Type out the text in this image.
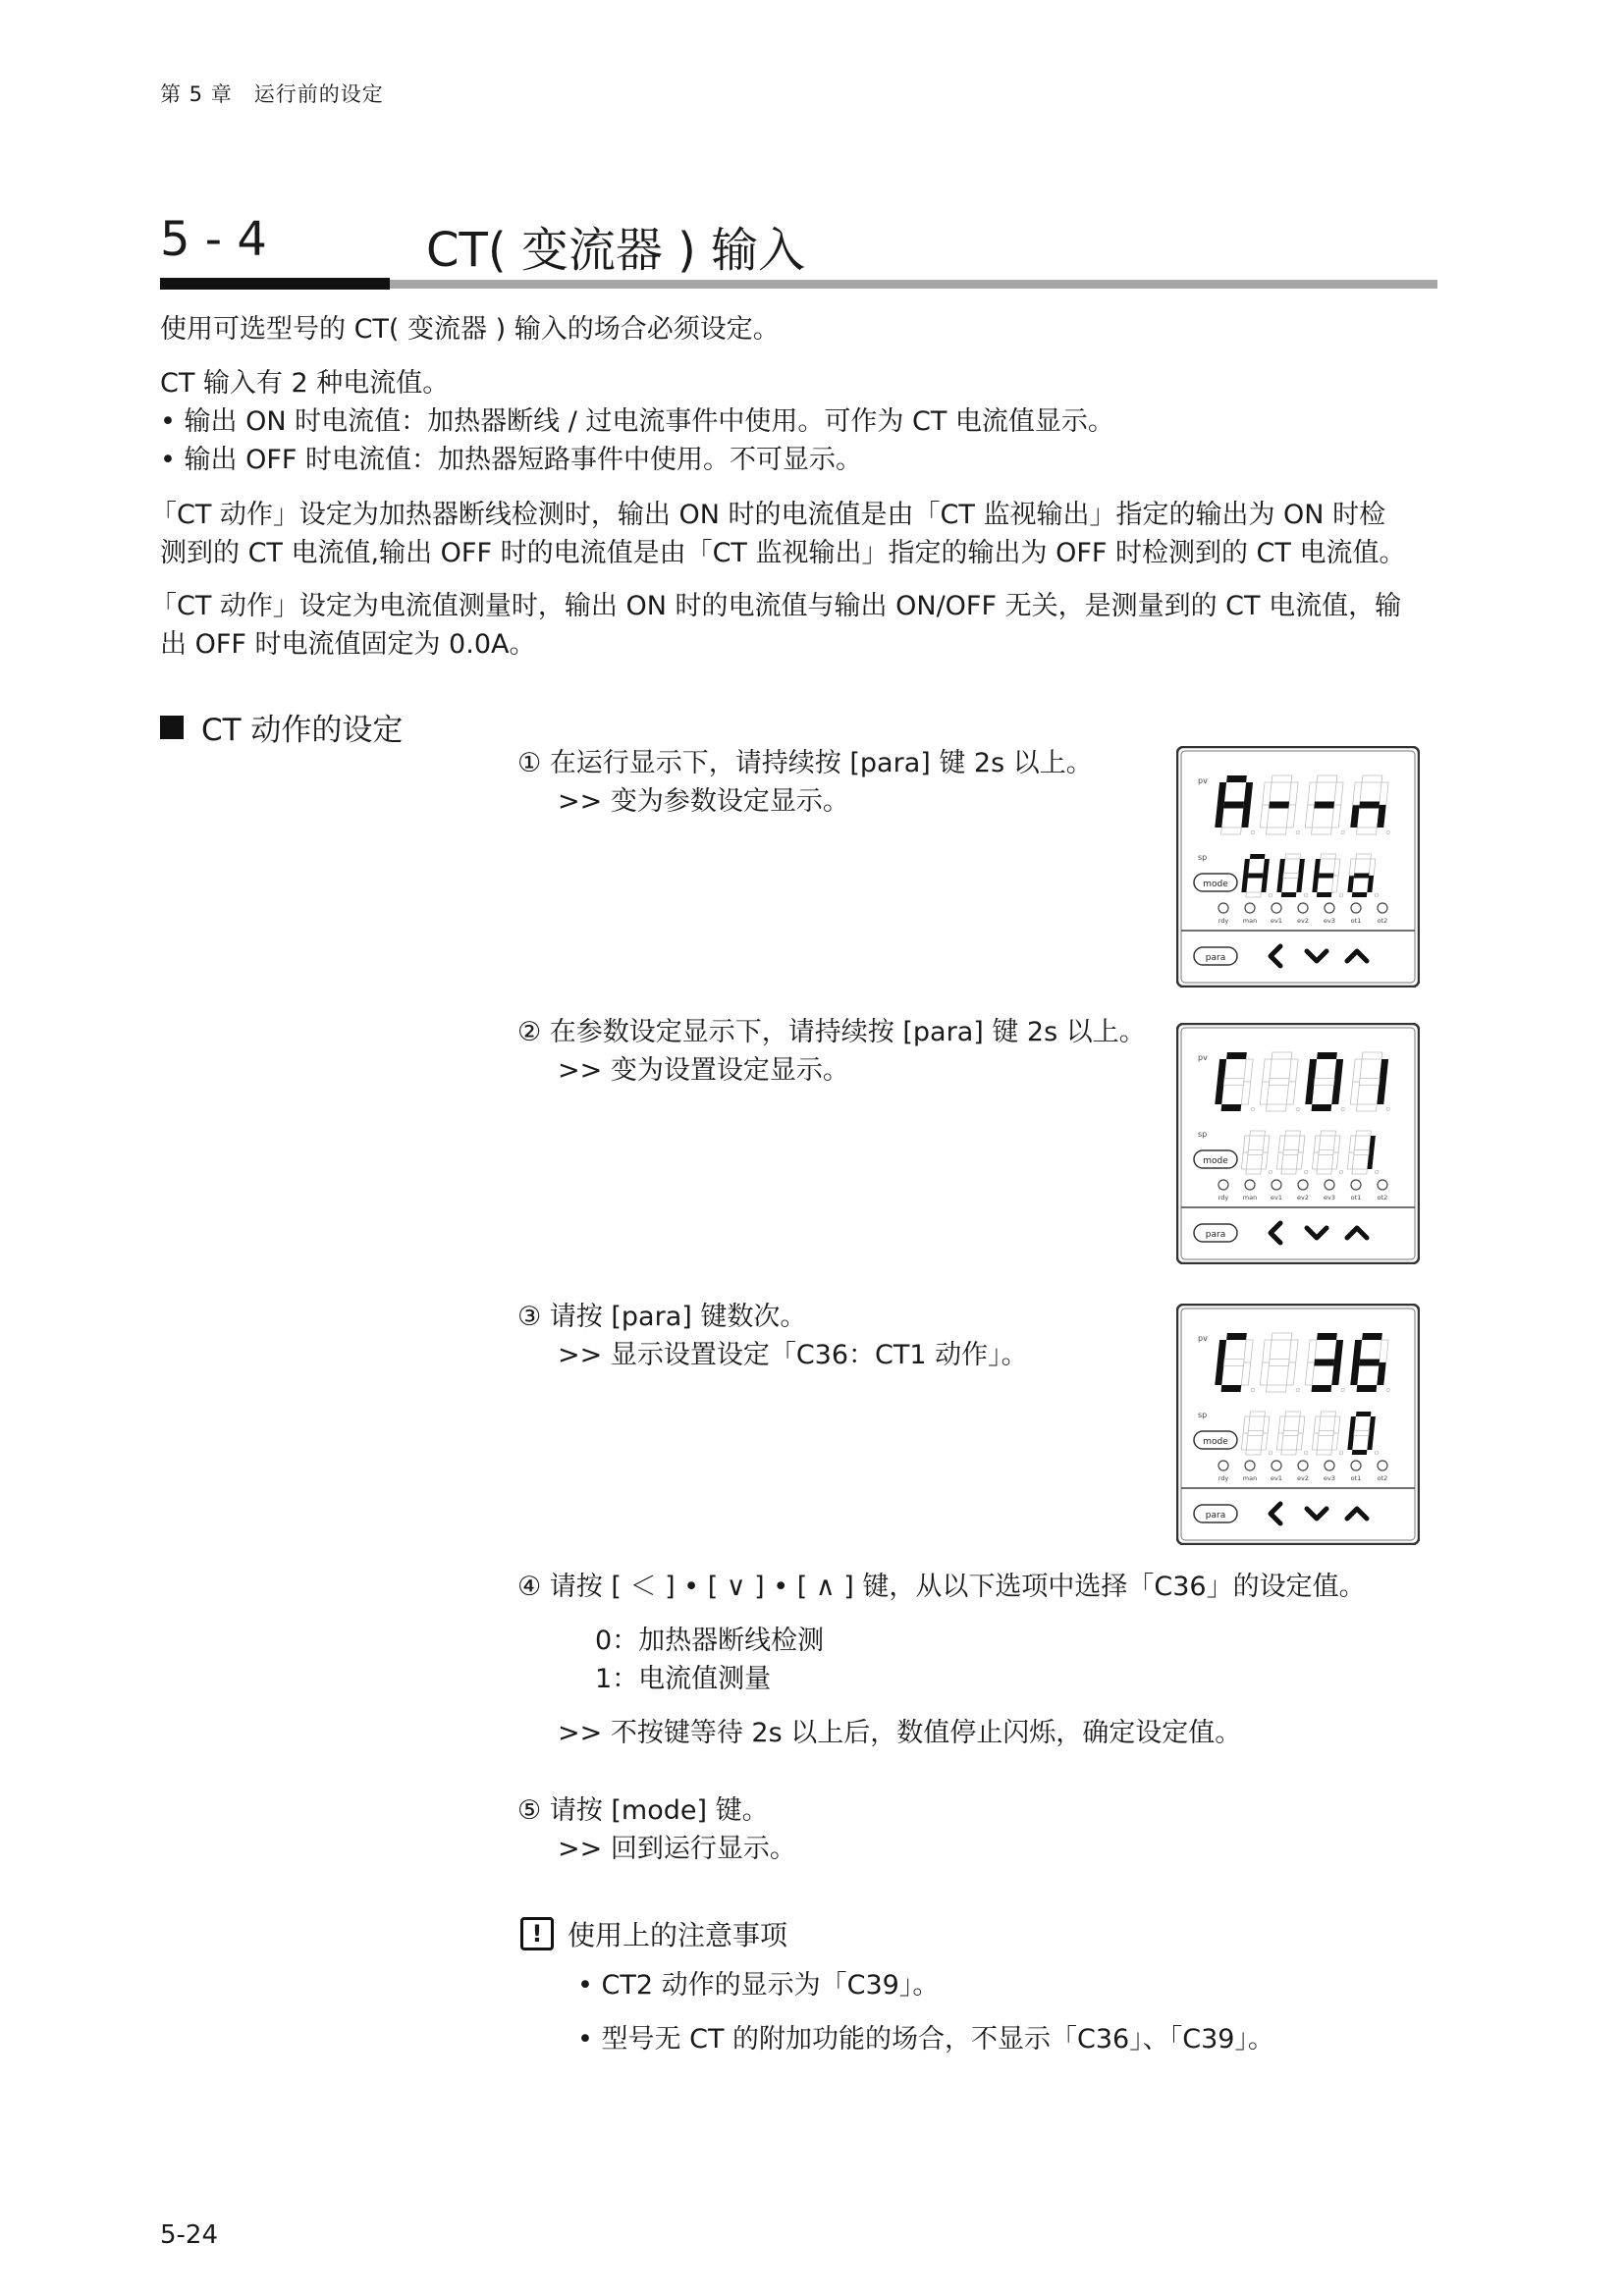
第 5 章　运行前的设定
5 - 4	CT( 变流器 ) 输入
使用可选型号的 CT( 变流器 ) 输入的场合必须设定。
CT 输入有 2 种电流值。
• 输出 ON 时电流值：加热器断线 / 过电流事件中使用。可作为 CT 电流值显示。
• 输出 OFF 时电流值：加热器短路事件中使用。不可显示。
「CT 动作」设定为加热器断线检测时，输出 ON 时的电流值是由「CT 监视输出」指定的输出为 ON 时检
测到的 CT 电流值,输出 OFF 时的电流值是由「CT 监视输出」指定的输出为 OFF 时检测到的 CT 电流值。
「CT 动作」设定为电流值测量时，输出 ON 时的电流值与输出 ON/OFF 无关，是测量到的 CT 电流值，输
出 OFF 时电流值固定为 0.0A。
CT 动作的设定
① 在运行显示下，请持续按 [para] 键 2s 以上。
>> 变为参数设定显示。
② 在参数设定显示下，请持续按 [para] 键 2s 以上。
>> 变为设置设定显示。
③ 请按 [para] 键数次。
>> 显示设置设定「C36：CT1 动作」。
④ 请按 [ ＜ ] • [ ∨ ] • [ ∧ ] 键，从以下选项中选择「C36」的设定值。
0：加热器断线检测
1：电流值测量
>> 不按键等待 2s 以上后，数值停止闪烁，确定设定值。
⑤ 请按 [mode] 键。
>> 回到运行显示。
pv
sp
mode
rdy man ev1 ev2 ev3 ot1	ot2
para
pv
sp
mode
rdy man ev1 ev2 ev3 ot1	ot2
para
pv
sp
mode
rdy man ev1 ev2 ev3 ot1	ot2
para
! 使用上的注意事项
• CT2 动作的显示为「C39」。
• 型号无 CT 的附加功能的场合，不显示「C36」、「C39」。
5-24
